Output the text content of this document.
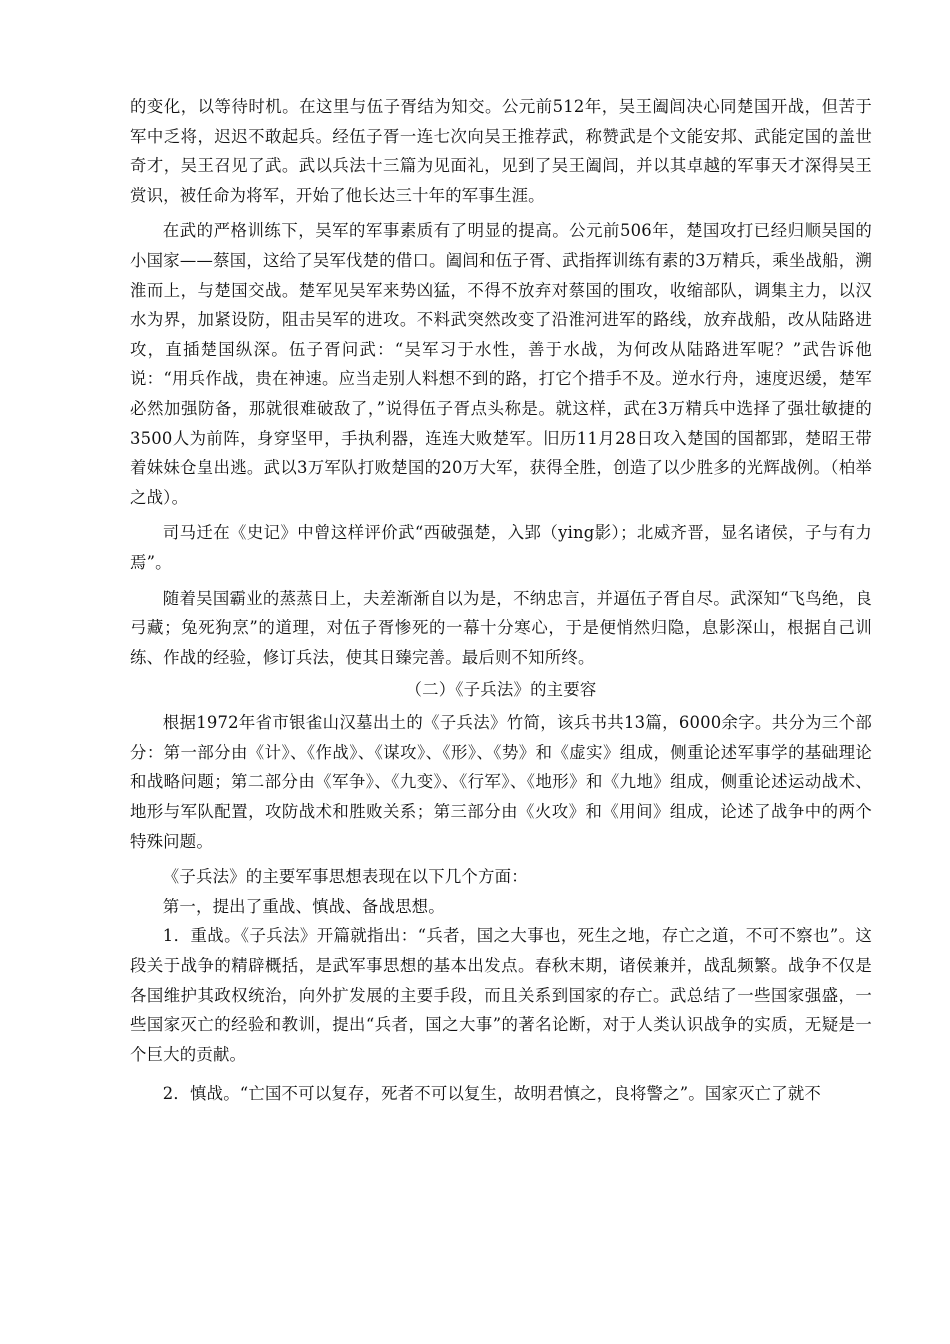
的变化，以等待时机。在这里与伍子胥结为知交。公元前512年，吴王阖闾决心同楚国开战，但苦于军中乏将，迟迟不敢起兵。经伍子胥一连七次向吴王推荐武，称赞武是个文能安邦、武能定国的盖世奇才，吴王召见了武。武以兵法十三篇为见面礼，见到了吴王阖闾，并以其卓越的军事天才深得吴王赏识，被任命为将军，开始了他长达三十年的军事生涯。

在武的严格训练下，吴军的军事素质有了明显的提高。公元前506年，楚国攻打已经归顺吴国的小国家——蔡国，这给了吴军伐楚的借口。阖闾和伍子胥、武指挥训练有素的3万精兵，乘坐战船，溯淮而上，与楚国交战。楚军见吴军来势凶猛，不得不放弃对蔡国的围攻，收缩部队，调集主力，以汉水为界，加紧设防，阻击吴军的进攻。不料武突然改变了沿淮河进军的路线，放弃战船，改从陆路进攻，直插楚国纵深。伍子胥问武：“吴军习于水性，善于水战，为何改从陆路进军呢？”武告诉他说：“用兵作战，贵在神速。应当走别人料想不到的路，打它个措手不及。逆水行舟，速度迟缓，楚军必然加强防备，那就很难破敌了，”说得伍子胥点头称是。就这样，武在3万精兵中选择了强壮敏捷的3500人为前阵，身穿坚甲，手执利器，连连大败楚军。旧历11月28日攻入楚国的国都郢，楚昭王带着妹妹仓皇出逃。武以3万军队打败楚国的20万大军，获得全胜，创造了以少胜多的光辉战例。（柏举之战）。

司马迁在《史记》中曾这样评价武“西破强楚，入郢（ying影）；北威齐晋，显名诸侯，子与有力焉”。

随着吴国霸业的蒸蒸日上，夫差渐渐自以为是，不纳忠言，并逼伍子胥自尽。武深知“飞鸟绝，良弓藏；兔死狗烹”的道理，对伍子胥惨死的一幕十分寒心，于是便悄然归隐，息影深山，根据自己训练、作战的经验，修订兵法，使其日臻完善。最后则不知所终。

（二）《子兵法》的主要容

根据1972年省市银雀山汉墓出土的《子兵法》竹简，该兵书共13篇，6000余字。共分为三个部分：第一部分由《计》、《作战》、《谋攻》、《形》、《势》和《虚实》组成，侧重论述军事学的基础理论和战略问题；第二部分由《军争》、《九变》、《行军》、《地形》和《九地》组成，侧重论述运动战术、地形与军队配置，攻防战术和胜败关系；第三部分由《火攻》和《用间》组成，论述了战争中的两个特殊问题。

《子兵法》的主要军事思想表现在以下几个方面：

第一，提出了重战、慎战、备战思想。

1．重战。《子兵法》开篇就指出：“兵者，国之大事也，死生之地，存亡之道，不可不察也”。这段关于战争的精辟概括，是武军事思想的基本出发点。春秋末期，诸侯兼并，战乱频繁。战争不仅是各国维护其政权统治，向外扩发展的主要手段，而且关系到国家的存亡。武总结了一些国家强盛，一些国家灭亡的经验和教训，提出“兵者，国之大事”的著名论断，对于人类认识战争的实质，无疑是一个巨大的贡献。

2．慎战。“亡国不可以复存，死者不可以复生，故明君慎之，良将警之”。国家灭亡了就不
